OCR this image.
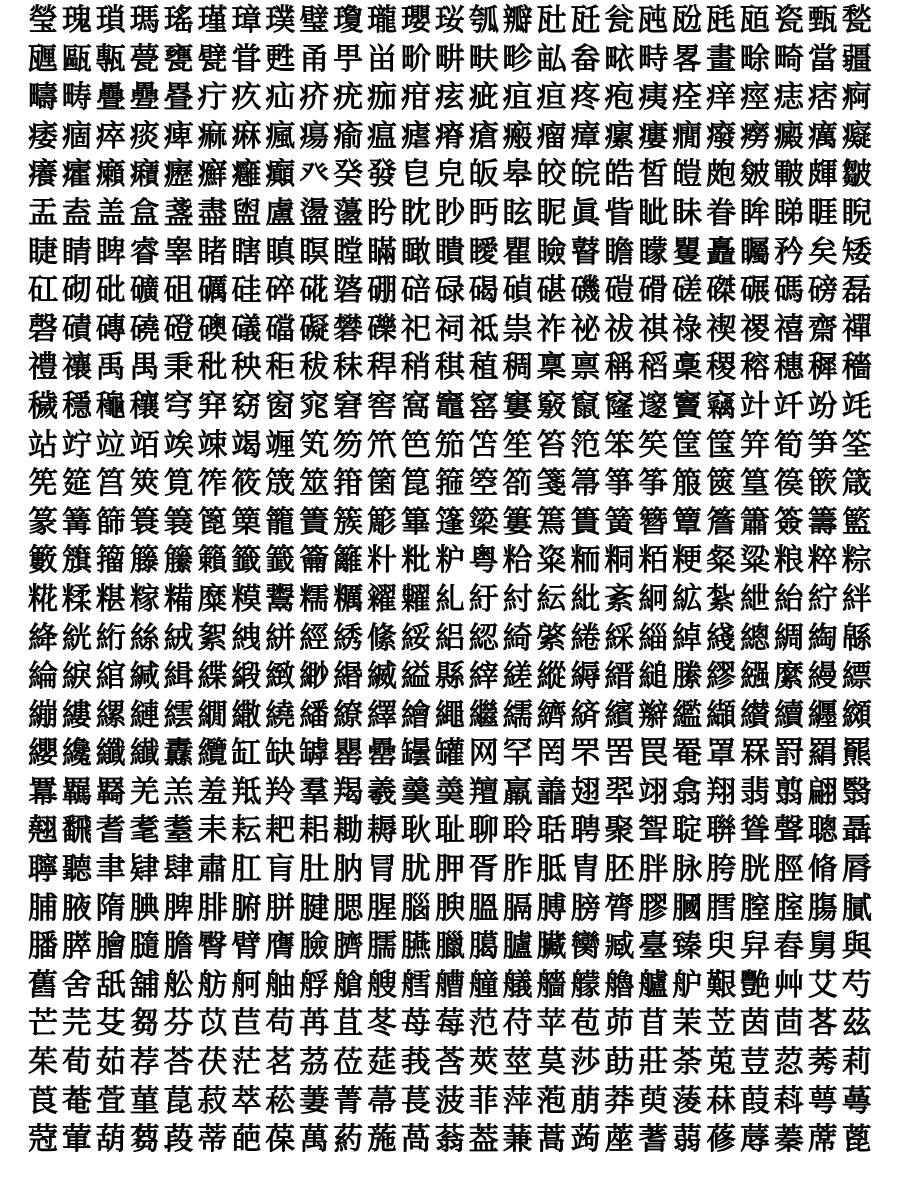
瑩 瑰 瑣 瑪 瑤 瑾 璋 璞 璧 瓊 瓏 瓔 珱 瓠 瓣 瓧 瓩 瓮 瓲 瓰 瓱 瓸 瓷 甄 甃
甅 甌 甎 甍 甕 甓 甞 甦 甬 甼 畄 畍 畊 畉 畛 畆 畚 畩 畤 畧 畫 畭 畸 當 疆
疇 畴 疊 疉 疂 疔 疚 疝 疥 疣 痂 疳 痃 疵 疽 疸 疼 疱 痍 痊 痒 痙 痣 痞 痾
痿 痼 瘁 痰 痺 痲 痳 瘋 瘍 瘉 瘟 瘧 瘠 瘡 瘢 瘤 瘴 瘰 瘻 癇 癈 癆 癜 癘 癡
癢 癨 癩 癪 癧 癬 癰 癲 癶 癸 發 皀 皃 皈 皋 皎 皖 皓 皙 皚 皰 皴 皸 皹 皺
盂 盍 盖 盒 盞 盡 盥 盧 盪 蘯 盻 眈 眇 眄 眩 眤 眞 眥 眦 眛 眷 眸 睇 睚 睨
睫 睛 睥 睿 睾 睹 瞎 瞋 瞑 瞠 瞞 瞰 瞶 瞹 瞿 瞼 瞽 瞻 矇 矍 矗 矚 矜 矣 矮
矼 砌 砒 礦 砠 礪 硅 碎 硴 碆 硼 碚 碌 碣 碵 碪 磯 磑 磆 磋 磔 碾 碼 磅 磊
磬 磧 磚 磽 磴 礇 礒 礑 礙 礬 礫 祀 祠 祗 祟 祚 祕 祓 祺 祿 禊 禝 禧 齋 禪
禮 禳 禹 禺 秉 秕 秧 秬 秡 秣 稈 稍 稘 稙 稠 稟 禀 稱 稻 稾 稷 穃 穗 穉 穡
穢 穩 龝 穰 穹 穽 窈 窗 窕 窘 窖 窩 竈 窰 窶 竅 竄 窿 邃 竇 竊 竍 竏 竕 竓
站 竚 竝 竡 竢 竦 竭 竰 笂 笏 笊 笆 笳 笘 笙 笞 笵 笨 笶 筐 筺 笄 筍 笋 筌
筅 筵 筥 筴 筧 筰 筱 筬 筮 箝 箘 箟 箍 箜 箚 箋 箒 箏 筝 箙 篋 篁 篌 篏 箴
篆 篝 篩 簑 簔 篦 篥 籠 簀 簇 簓 篳 篷 簗 簍 篶 簣 簧 簪 簟 簷 簫 簽 籌 籃
籔 籏 籀 籐 籘 籟 籤 籖 籥 籬 籵 粃 粐 粤 粭 粢 粫 粡 粨 粳 粲 粱 粮 粹 粽
糀 糅 糂 糘 糒 糜 糢 鬻 糯 糲 糴 糶 糺 紆 紂 紜 紕 紊 絅 絋 紮 紲 紿 紵 絆
絳 絖 絎 絲 絨 絮 絏 絣 經 綉 絛 綏 絽 綛 綺 綮 綣 綵 緇 綽 綫 總 綢 綯 緜
綸 綟 綰 緘 緝 緤 緞 緻 緲 緡 縅 縊 縣 縡 縒 縱 縟 縉 縋 縢 繆 繦 縻 縵 縹
繃 縷 縲 縺 繧 繝 繖 繞 繙 繚 繹 繪 繩 繼 繻 纃 緕 繽 辮 繿 纈 纉 續 纒 纐
纓 纔 纖 纎 纛 纜 缸 缺 罅 罌 罍 罎 罐 网 罕 罔 罘 罟 罠 罨 罩 罧 罸 羂 羆
羃 羈 羇 羌 羔 羞 羝 羚 羣 羯 羲 羹 羮 羶 羸 譱 翅 翆 翊 翕 翔 翡 翦 翩 翳
翹 飜 耆 耄 耋 耒 耘 耙 耜 耡 耨 耿 耻 聊 聆 聒 聘 聚 聟 聢 聨 聳 聲 聰 聶
聹 聽 聿 肄 肆 肅 肛 肓 肚 肭 冐 肬 胛 胥 胙 胝 胄 胚 胖 脉 胯 胱 脛 脩 脣
脯 腋 隋 腆 脾 腓 腑 胼 腱 腮 腥 腦 腴 膃 膈 膊 膀 膂 膠 膕 膤 膣 腟 膓 膩
膰 膵 膾 膸 膽 臀 臂 膺 臉 臍 臑 臙 臘 臈 臚 臟 臠 臧 臺 臻 臾 舁 舂 舅 與
舊 舍 舐 舖 舩 舫 舸 舳 艀 艙 艘 艝 艚 艟 艤 艢 艨 艪 艫 舮 艱 艷 艸 艾 芍
芒 芫 芟 芻 芬 苡 苣 苟 苒 苴 苳 苺 莓 范 苻 苹 苞 茆 苜 茉 苙 茵 茴 茖 茲
茱 荀 茹 荐 荅 茯 茫 茗 茘 莅 莚 莪 莟 莢 莖 茣 莎 莇 莊 荼 莵 荳 荵 莠 莉
莨 菴 萓 菫 菎 菽 萃 菘 萋 菁 菷 萇 菠 菲 萍 萢 萠 莽 萸 蔆 菻 葭 萪 萼 蕚
蒄 葷 葫 蒭 葮 蒂 葩 葆 萬 葯 葹 萵 蓊 葢 蒹 蒿 蒟 蓙 蓍 蒻 蓚 蓐 蓁 蓆 蓖
